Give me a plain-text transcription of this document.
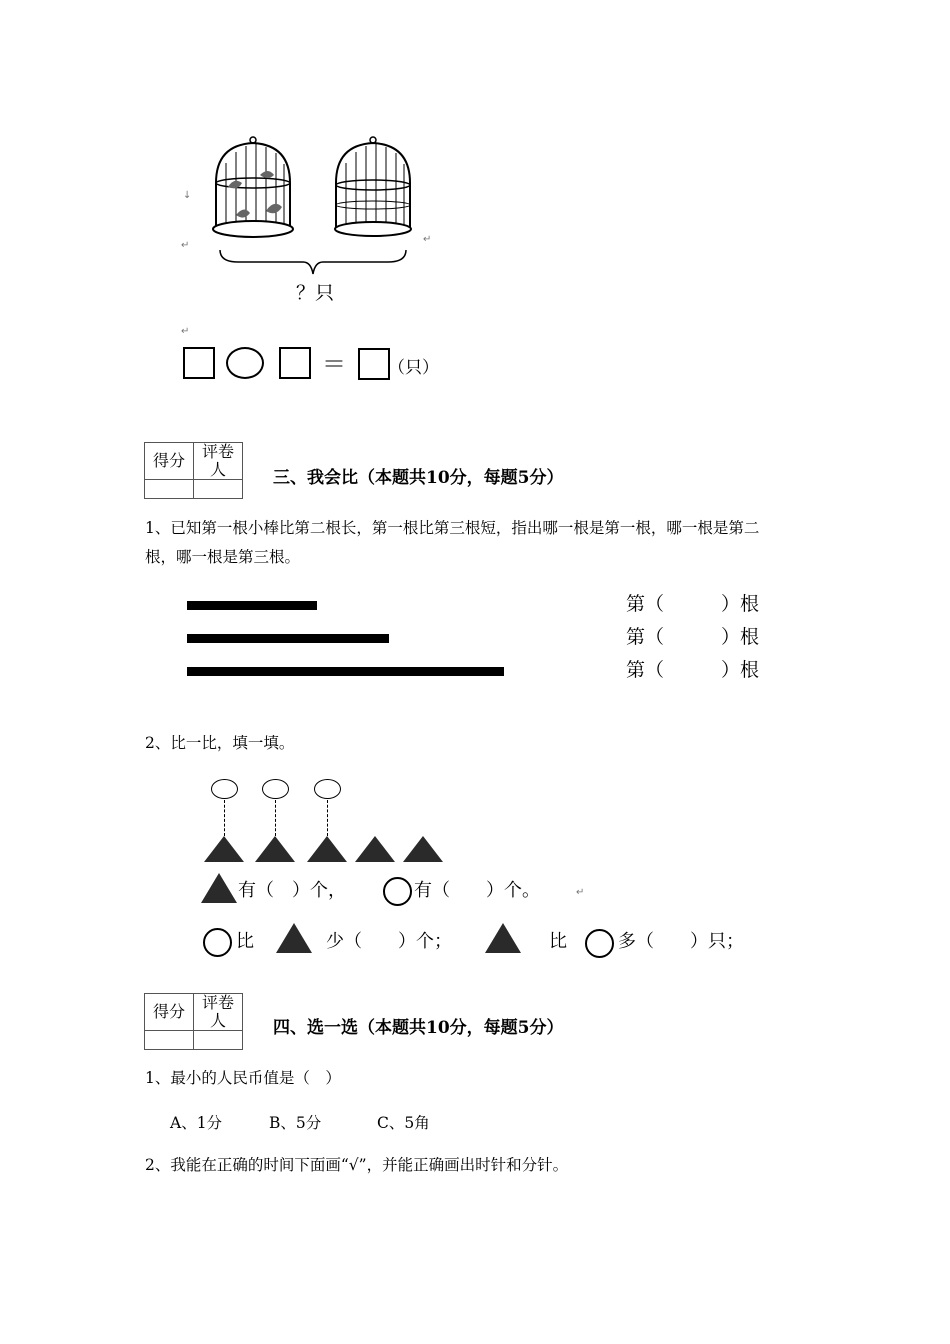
↓
↵
↵
？只
↵
＝ （只）
得分	评卷人
		三、我会比（本题共10分，每题5分）
1、已知第一根小棒比第二根长，第一根比第三根短，指出哪一根是第一根，哪一根是第二
根，哪一根是第三根。
第（　　　）根
第（　　　）根
第（　　　）根
2、比一比，填一填。
有（　）个，	有（　　）个。	↵
比	少（　　）个；	比	多（　　）只；
得分	评卷人
		四、选一选（本题共10分，每题5分）
1、最小的人民币值是（　）
A、1分	B、5分	C、5角
2、我能在正确的时间下面画“√”，并能正确画出时针和分针。
